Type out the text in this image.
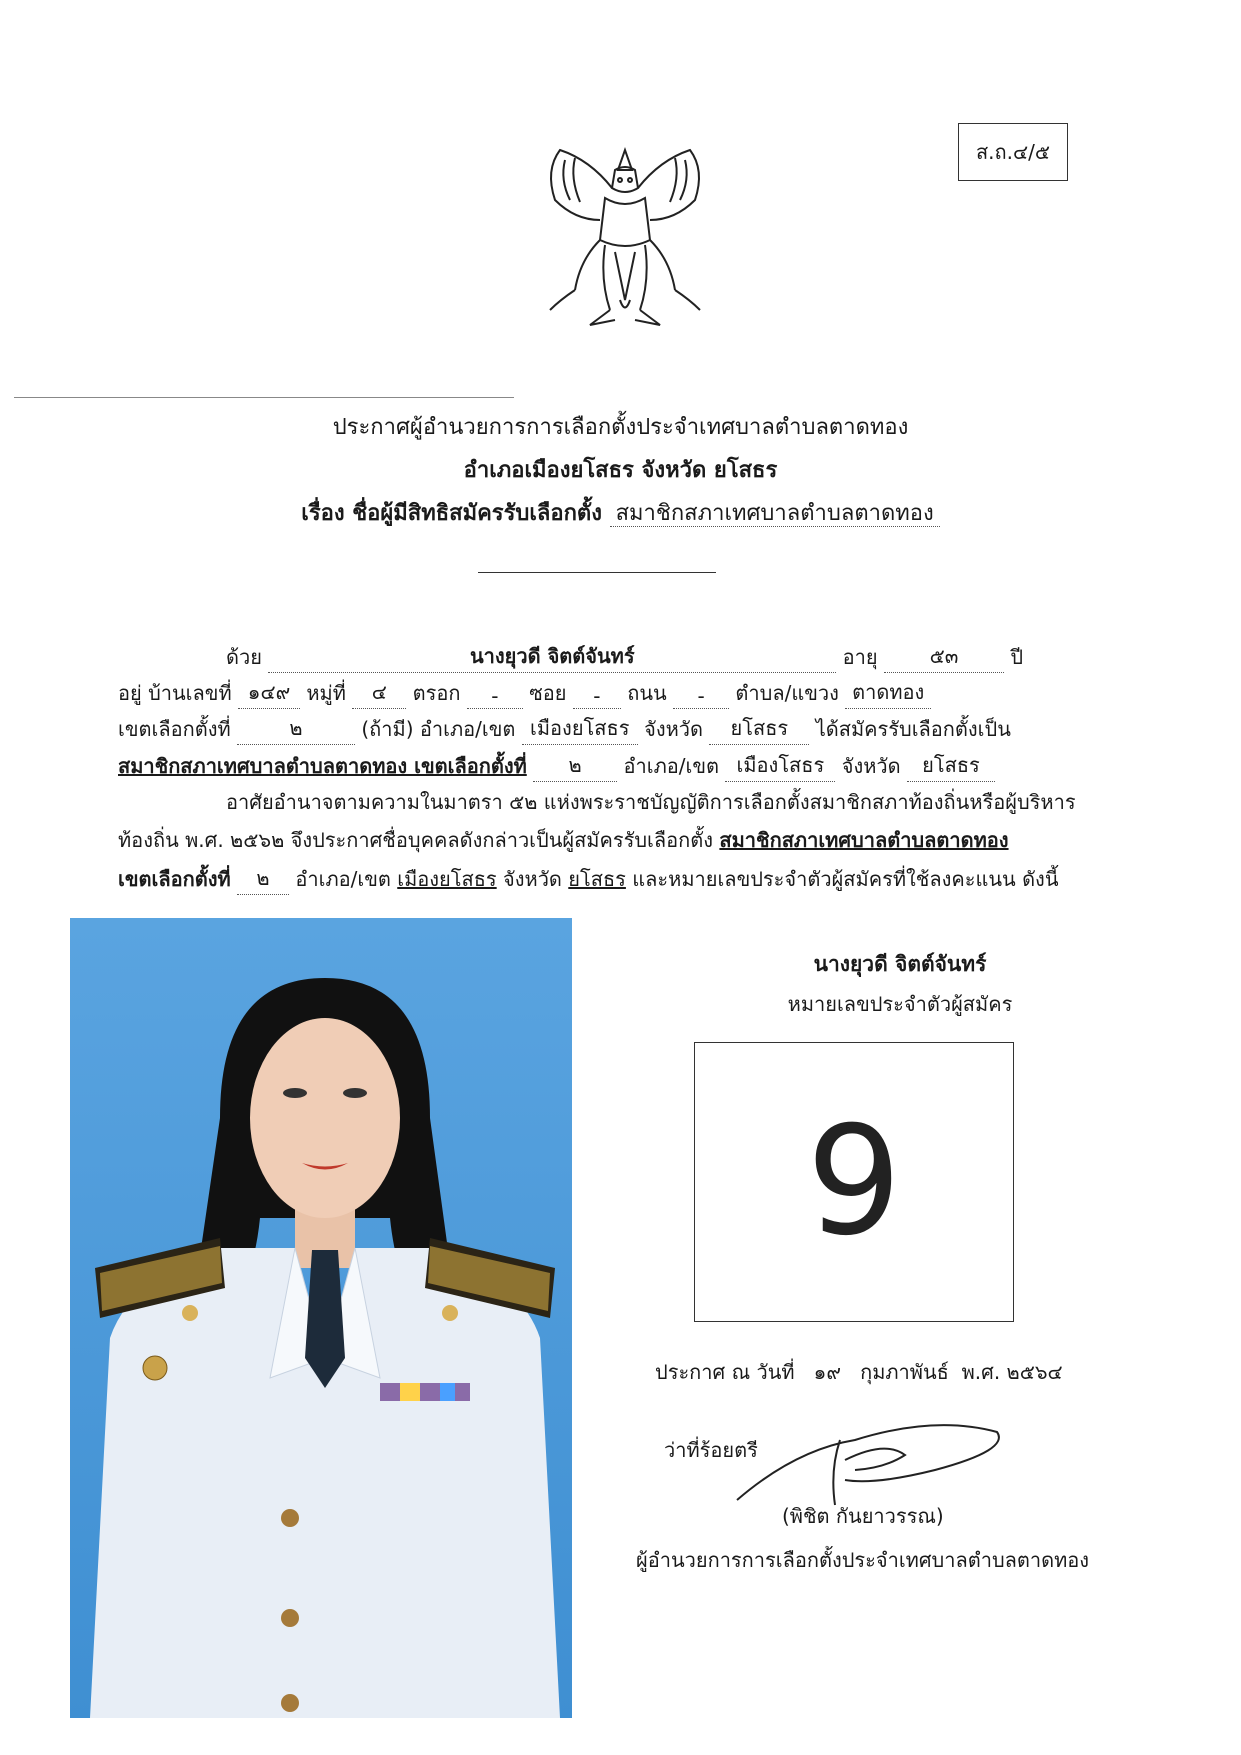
ส.ถ.๔/๕
ประกาศผู้อำนวยการการเลือกตั้งประจำเทศบาลตำบลตาดทอง
อำเภอเมืองยโสธร จังหวัด ยโสธร
เรื่อง ชื่อผู้มีสิทธิสมัครรับเลือกตั้ง สมาชิกสภาเทศบาลตำบลตาดทอง
ด้วย	นางยุวดี จิตต์จันทร์	อายุ	๕๓	ปี
อยู่ บ้านเลขที่ ๑๔๙ หมู่ที่ ๔ ตรอก - ซอย - ถนน - ตำบล/แขวง ตาดทอง
เขตเลือกตั้งที่	๒	(ถ้ามี) อำเภอ/เขต เมืองยโสธร จังหวัด ยโสธร ได้สมัครรับเลือกตั้งเป็น
สมาชิกสภาเทศบาลตำบลตาดทอง เขตเลือกตั้งที่ ๒ อำเภอ/เขต เมืองโสธร จังหวัด ยโสธร
อาศัยอำนาจตามความในมาตรา ๕๒ แห่งพระราชบัญญัติการเลือกตั้งสมาชิกสภาท้องถิ่นหรือผู้บริหาร
ท้องถิ่น พ.ศ. ๒๕๖๒ จึงประกาศชื่อบุคคลดังกล่าวเป็นผู้สมัครรับเลือกตั้ง สมาชิกสภาเทศบาลตำบลตาดทอง
เขตเลือกตั้งที่ ๒ อำเภอ/เขต เมืองยโสธร จังหวัด ยโสธร และหมายเลขประจำตัวผู้สมัครที่ใช้ลงคะแนน ดังนี้
นางยุวดี จิตต์จันทร์
หมายเลขประจำตัวผู้สมัคร
9
ประกาศ ณ วันที่ ๑๙ กุมภาพันธ์ พ.ศ. ๒๕๖๔
ว่าที่ร้อยตรี
(พิชิต กันยาวรรณ)
ผู้อำนวยการการเลือกตั้งประจำเทศบาลตำบลตาดทอง
